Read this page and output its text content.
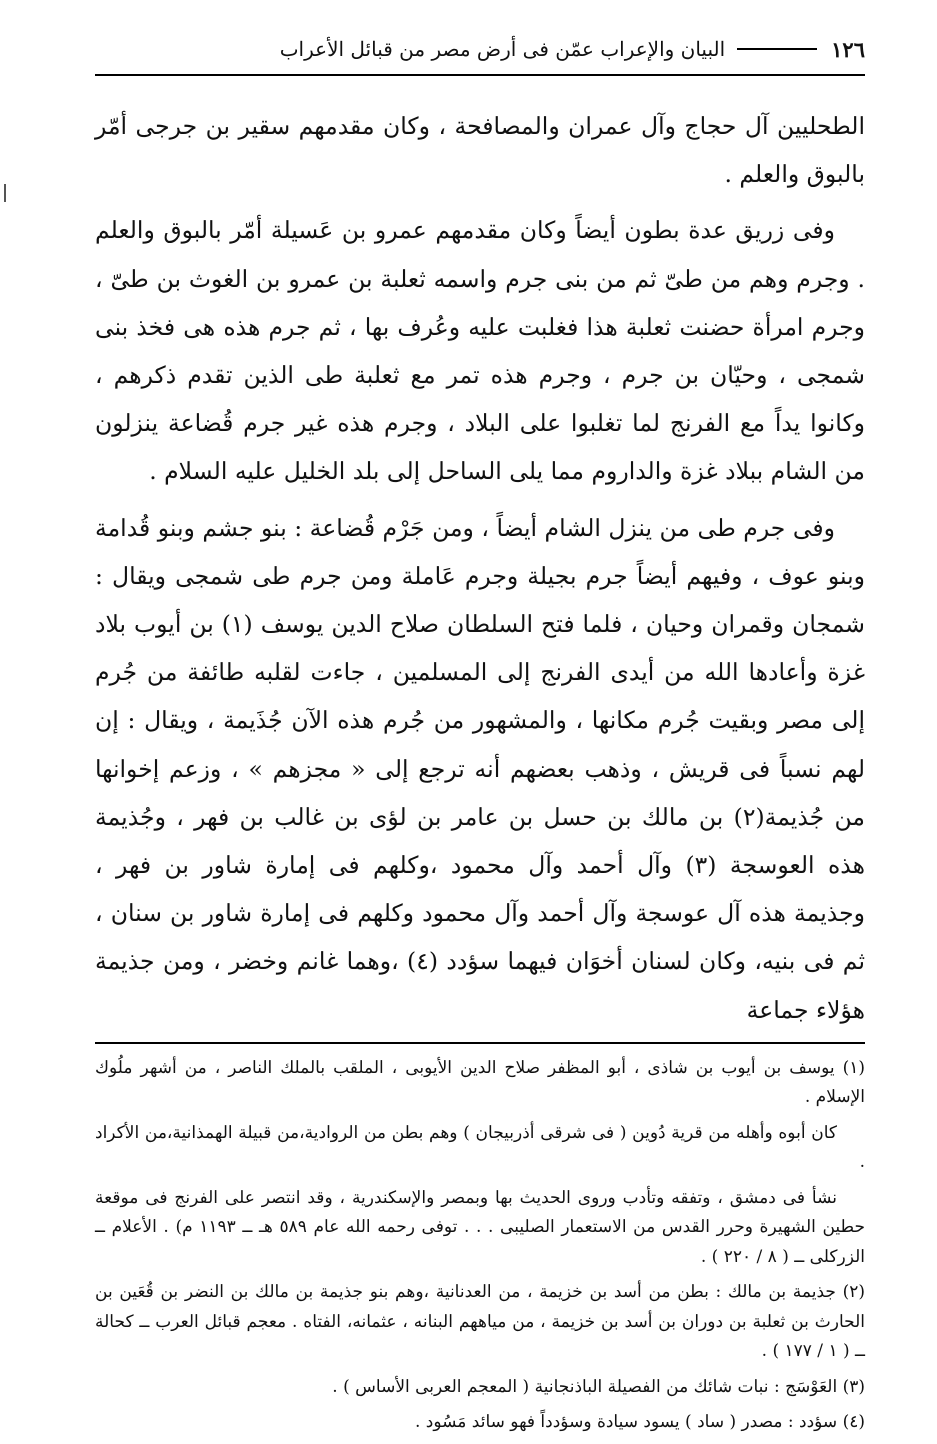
١٢٦
البيان والإعراب عمّن فى أرض مصر من قبائل الأعراب

الطحليين آل حجاج وآل عمران والمصافحة ، وكان مقدمهم سقير بن جرجى أمّر بالبوق والعلم .

وفى زريق عدة بطون أيضاً وكان مقدمهم عمرو بن عَسيلة أمّر بالبوق والعلم . وجرم وهم من طىّ ثم من بنى جرم واسمه ثعلبة بن عمرو بن الغوث بن طىّ ، وجرم امرأة حضنت ثعلبة هذا فغلبت عليه وعُرف بها ، ثم جرم هذه هى فخذ بنى شمجى ، وحيّان بن جرم ، وجرم هذه تمر مع ثعلبة طى الذين تقدم ذكرهم ، وكانوا يداً مع الفرنج لما تغلبوا على البلاد ، وجرم هذه غير جرم قُضاعة ينزلون من الشام ببلاد غزة والداروم مما يلى الساحل إلى بلد الخليل عليه السلام .

وفى جرم طى من ينزل الشام أيضاً ، ومن جَرْم قُضاعة : بنو جشم وبنو قُدامة وبنو عوف ، وفيهم أيضاً جرم بجيلة وجرم عَاملة ومن جرم طى شمجى ويقال : شمجان وقمران وحيان ، فلما فتح السلطان صلاح الدين يوسف (١) بن أيوب بلاد غزة وأعادها الله من أيدى الفرنج إلى المسلمين ، جاءت لقلبه طائفة من جُرم إلى مصر وبقيت جُرم مكانها ، والمشهور من جُرم هذه الآن جُذَيمة ، ويقال : إن لهم نسباً فى قريش ، وذهب بعضهم أنه ترجع إلى « مجزهم » ، وزعم إخوانها من جُذيمة(٢) بن مالك بن حسل بن عامر بن لؤى بن غالب بن فهر ، وجُذيمة هذه العوسجة (٣) وآل أحمد وآل محمود ،وكلهم فى إمارة شاور بن فهر ، وجذيمة هذه آل عوسجة وآل أحمد وآل محمود وكلهم فى إمارة شاور بن سنان ، ثم فى بنيه، وكان لسنان أخوَان فيهما سؤدد (٤) ،وهما غانم وخضر ، ومن جذيمة هؤلاء جماعة

(١) يوسف بن أيوب بن شاذى ، أبو المظفر صلاح الدين الأيوبى ، الملقب بالملك الناصر ، من أشهر ملُوك الإسلام .

كان أبوه وأهله من قرية دُوين ( فى شرقى أذربيجان ) وهم بطن من الروادية،من قبيلة الهمذانية،من الأكراد .

نشأ فى دمشق ، وتفقه وتأدب وروى الحديث بها وبمصر والإسكندرية ، وقد انتصر على الفرنج فى موقعة حطين الشهيرة وحرر القدس من الاستعمار الصليبى . . . توفى رحمه الله عام ٥٨٩ هـ ــ ١١٩٣ م) . الأعلام ــ الزركلى ــ ( ٨ / ٢٢٠ ) .

(٢) جذيمة بن مالك : بطن من أسد بن خزيمة ، من العدنانية ،وهم بنو جذيمة بن مالك بن النضر بن قُعَين بن الحارث بن ثعلبة بن دوران بن أسد بن خزيمة ، من مياههم البنانه ، عثمانه، الفتاه . معجم قبائل العرب ــ كحالة ــ ( ١ / ١٧٧ ) .

(٣) العَوْسَج : نبات شائك من الفصيلة الباذنجانية ( المعجم العربى الأساس ) .

(٤) سؤدد : مصدر ( ساد ) يسود سيادة وسؤدداً فهو سائد مَسُود .
